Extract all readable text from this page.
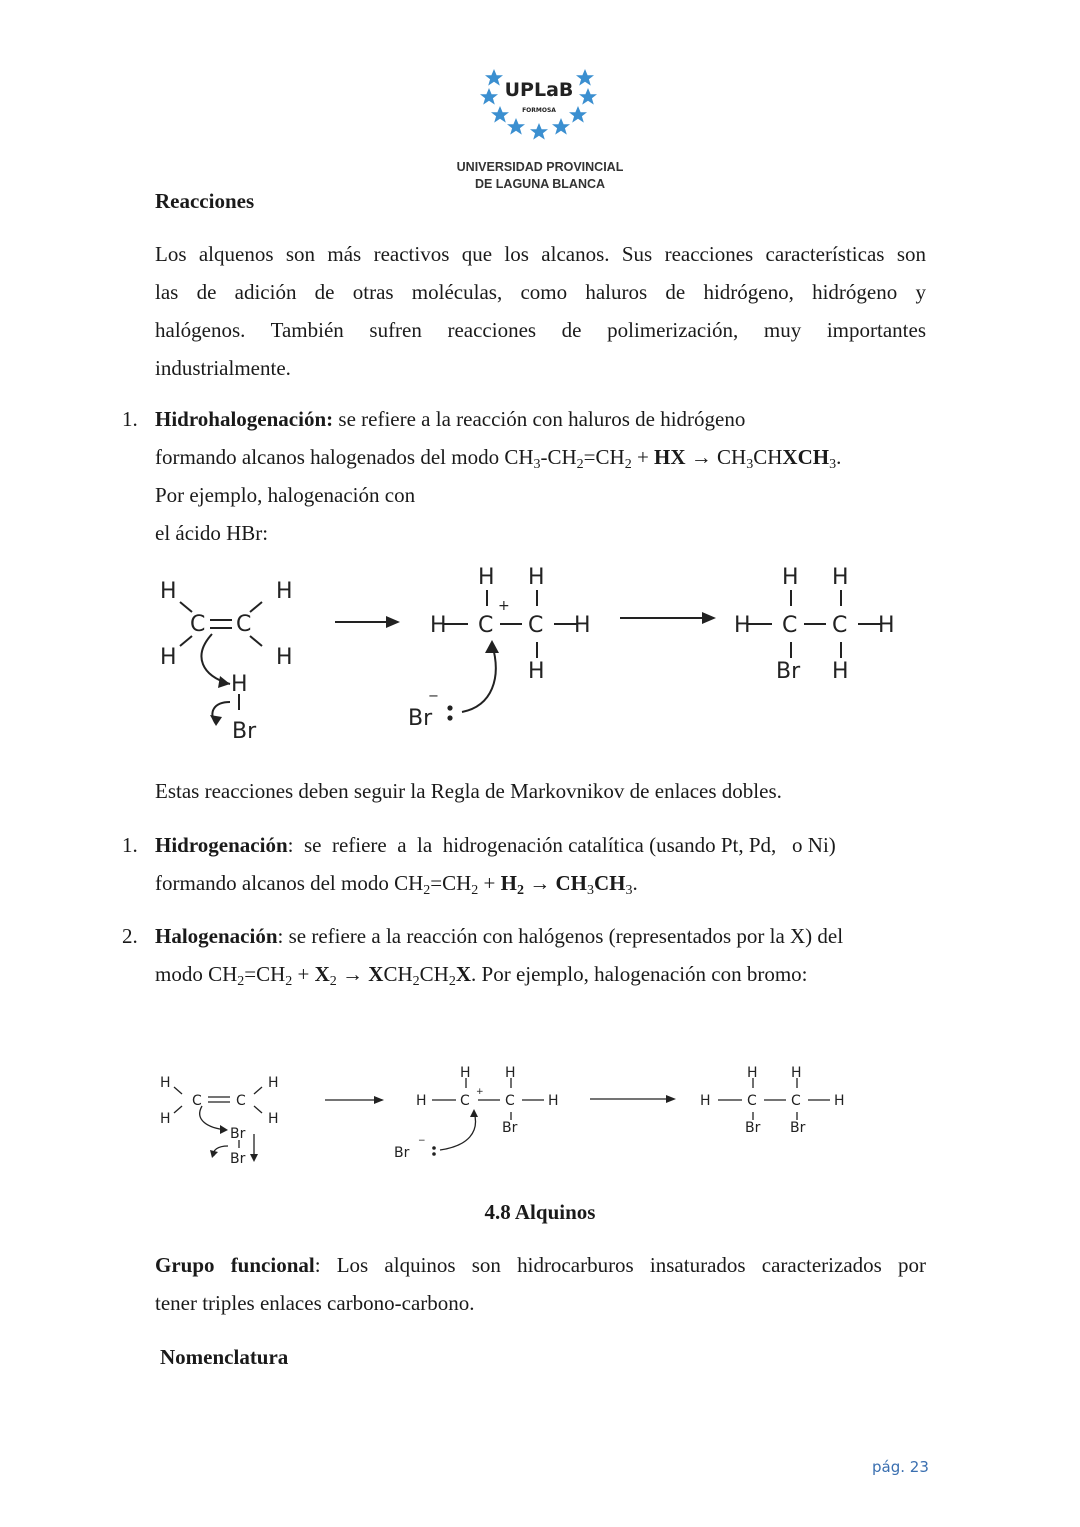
UPLaB
FORMOSA
UNIVERSIDAD PROVINCIAL
DE LAGUNA BLANCA
Reacciones
Los alquenos son más reactivos que los alcanos. Sus reacciones características son
las de adición de otras moléculas, como haluros de hidrógeno, hidrógeno y
halógenos. También sufren reacciones de polimerización, muy importantes
industrialmente.
1. Hidrohalogenación: se refiere a la reacción con haluros de hidrógeno
formando alcanos halogenados del modo $CH_3-CH_2=CH_2$ + HX → $CH_3CHXCH_3$.
Por ejemplo, halogenación con
el ácido HBr:
H	H
H	H
C C
H
Br
H
H H
C C H
H
+
Br
−
H
H H
C C H
Br H
Estas reacciones deben seguir la Regla de Markovnikov de enlaces dobles.
1. Hidrogenación:  se  refiere  a  la  hidrogenación catalítica (usando Pt, Pd,   o Ni)
formando alcanos del modo $CH_2=CH_2 + H_2 \to CH_3CH_3$.
2. Halogenación: se refiere a la reacción con halógenos (representados por la X) del
modo $CH_2=CH_2 + X_2 \to XCH_2CH_2X$. Por ejemplo, halogenación con bromo:
H	H
H	H
C C
Br
Br
H
H H
C	C H
Br
+
Br
−
H
H H
C C H
Br Br
4.8 Alquinos
Grupo funcional: Los alquinos son hidrocarburos insaturados caracterizados por
tener triples enlaces carbono-carbono.
Nomenclatura
pág. 23
